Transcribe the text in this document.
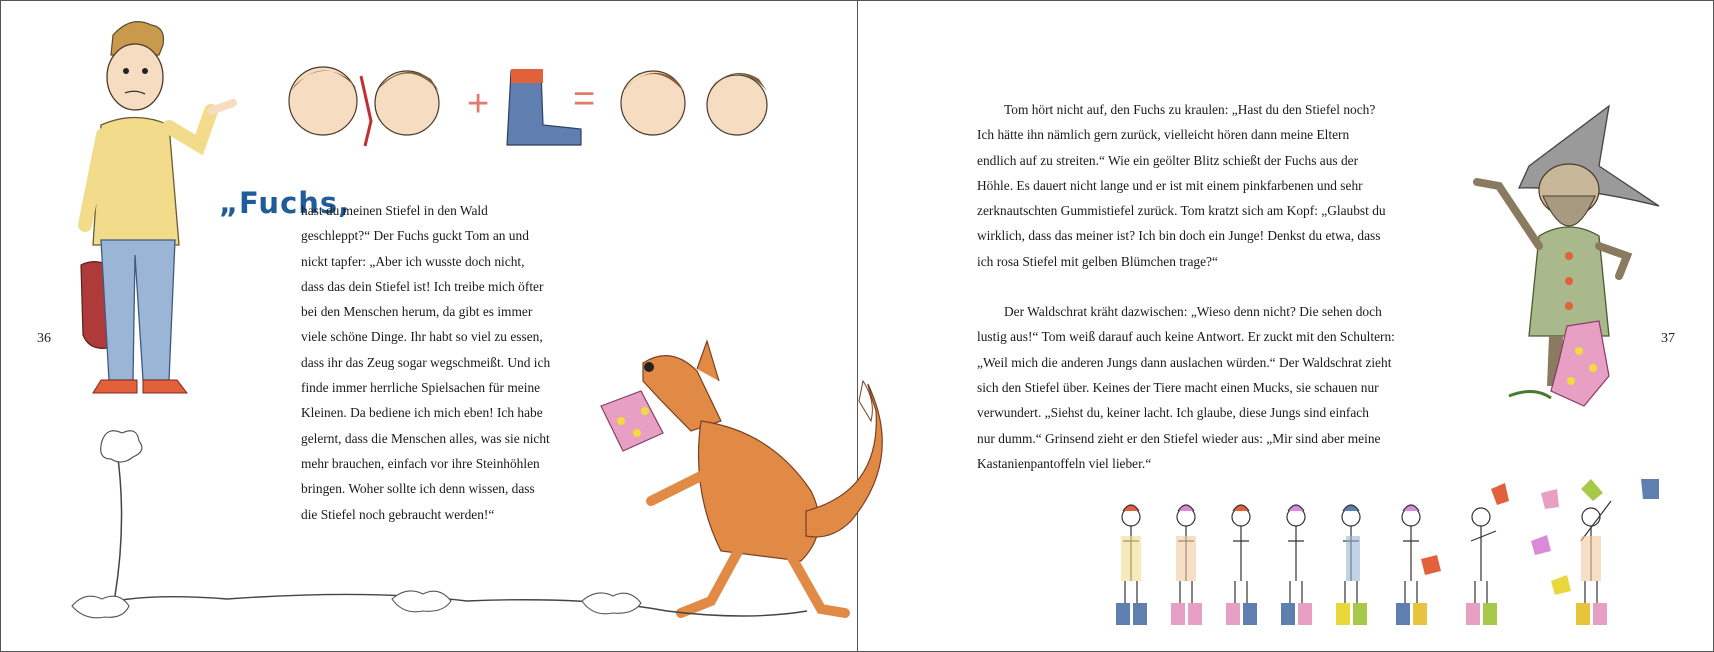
36	37
+ =
„Fuchs,

hast du meinen Stiefel in den Wald

geschleppt?“ Der Fuchs guckt Tom an und

nickt tapfer: „Aber ich wusste doch nicht,

dass das dein Stiefel ist! Ich treibe mich öfter

bei den Menschen herum, da gibt es immer

viele schöne Dinge. Ihr habt so viel zu essen,

dass ihr das Zeug sogar wegschmeißt. Und ich

finde immer herrliche Spielsachen für meine

Kleinen. Da bediene ich mich eben! Ich habe

gelernt, dass die Menschen alles, was sie nicht

mehr brauchen, einfach vor ihre Steinhöhlen

bringen. Woher sollte ich denn wissen, dass

die Stiefel noch gebraucht werden!“

Tom hört nicht auf, den Fuchs zu kraulen: „Hast du den Stiefel noch?
Ich hätte ihn nämlich gern zurück, vielleicht hören dann meine Eltern
endlich auf zu streiten.“ Wie ein geölter Blitz schießt der Fuchs aus der
Höhle. Es dauert nicht lange und er ist mit einem pinkfarbenen und sehr
zerknautschten Gummistiefel zurück. Tom kratzt sich am Kopf: „Glaubst du
wirklich, dass das meiner ist? Ich bin doch ein Junge! Denkst du etwa, dass
ich rosa Stiefel mit gelben Blümchen trage?“

Der Waldschrat kräht dazwischen: „Wieso denn nicht? Die sehen doch
lustig aus!“ Tom weiß darauf auch keine Antwort. Er zuckt mit den Schultern:
„Weil mich die anderen Jungs dann auslachen würden.“ Der Waldschrat zieht
sich den Stiefel über. Keines der Tiere macht einen Mucks, sie schauen nur
verwundert. „Siehst du, keiner lacht. Ich glaube, diese Jungs sind einfach
nur dumm.“ Grinsend zieht er den Stiefel wieder aus: „Mir sind aber meine
Kastanienpantoffeln viel lieber.“
